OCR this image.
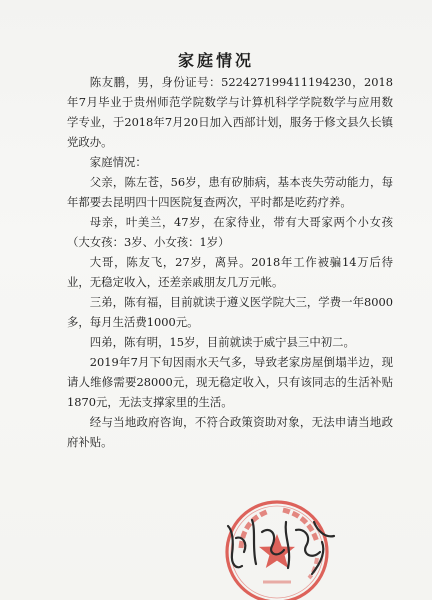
家庭情况

陈友鹏，男，身份证号：522427199411194230，2018年7月毕业于贵州师范学院数学与计算机科学学院数学与应用数学专业，于2018年7月20日加入西部计划，服务于修文县久长镇党政办。

家庭情况：

父亲，陈左苍，56岁，患有矽肺病，基本丧失劳动能力，每年都要去昆明四十四医院复查两次，平时都是吃药疗养。

母亲，叶美兰，47岁，在家待业，带有大哥家两个小女孩（大女孩：3岁、小女孩：1岁）

大哥，陈友飞，27岁，离异。2018年工作被骗14万后待业，无稳定收入，还差亲戚朋友几万元帐。

三弟，陈有福，目前就读于遵义医学院大三，学费一年8000多，每月生活费1000元。

四弟，陈有明，15岁，目前就读于威宁县三中初二。

2019年7月下旬因雨水天气多，导致老家房屋倒塌半边，现请人维修需要28000元，现无稳定收入，只有该同志的生活补贴1870元，无法支撑家里的生活。

经与当地政府咨询，不符合政策资助对象，无法申请当地政府补贴。
